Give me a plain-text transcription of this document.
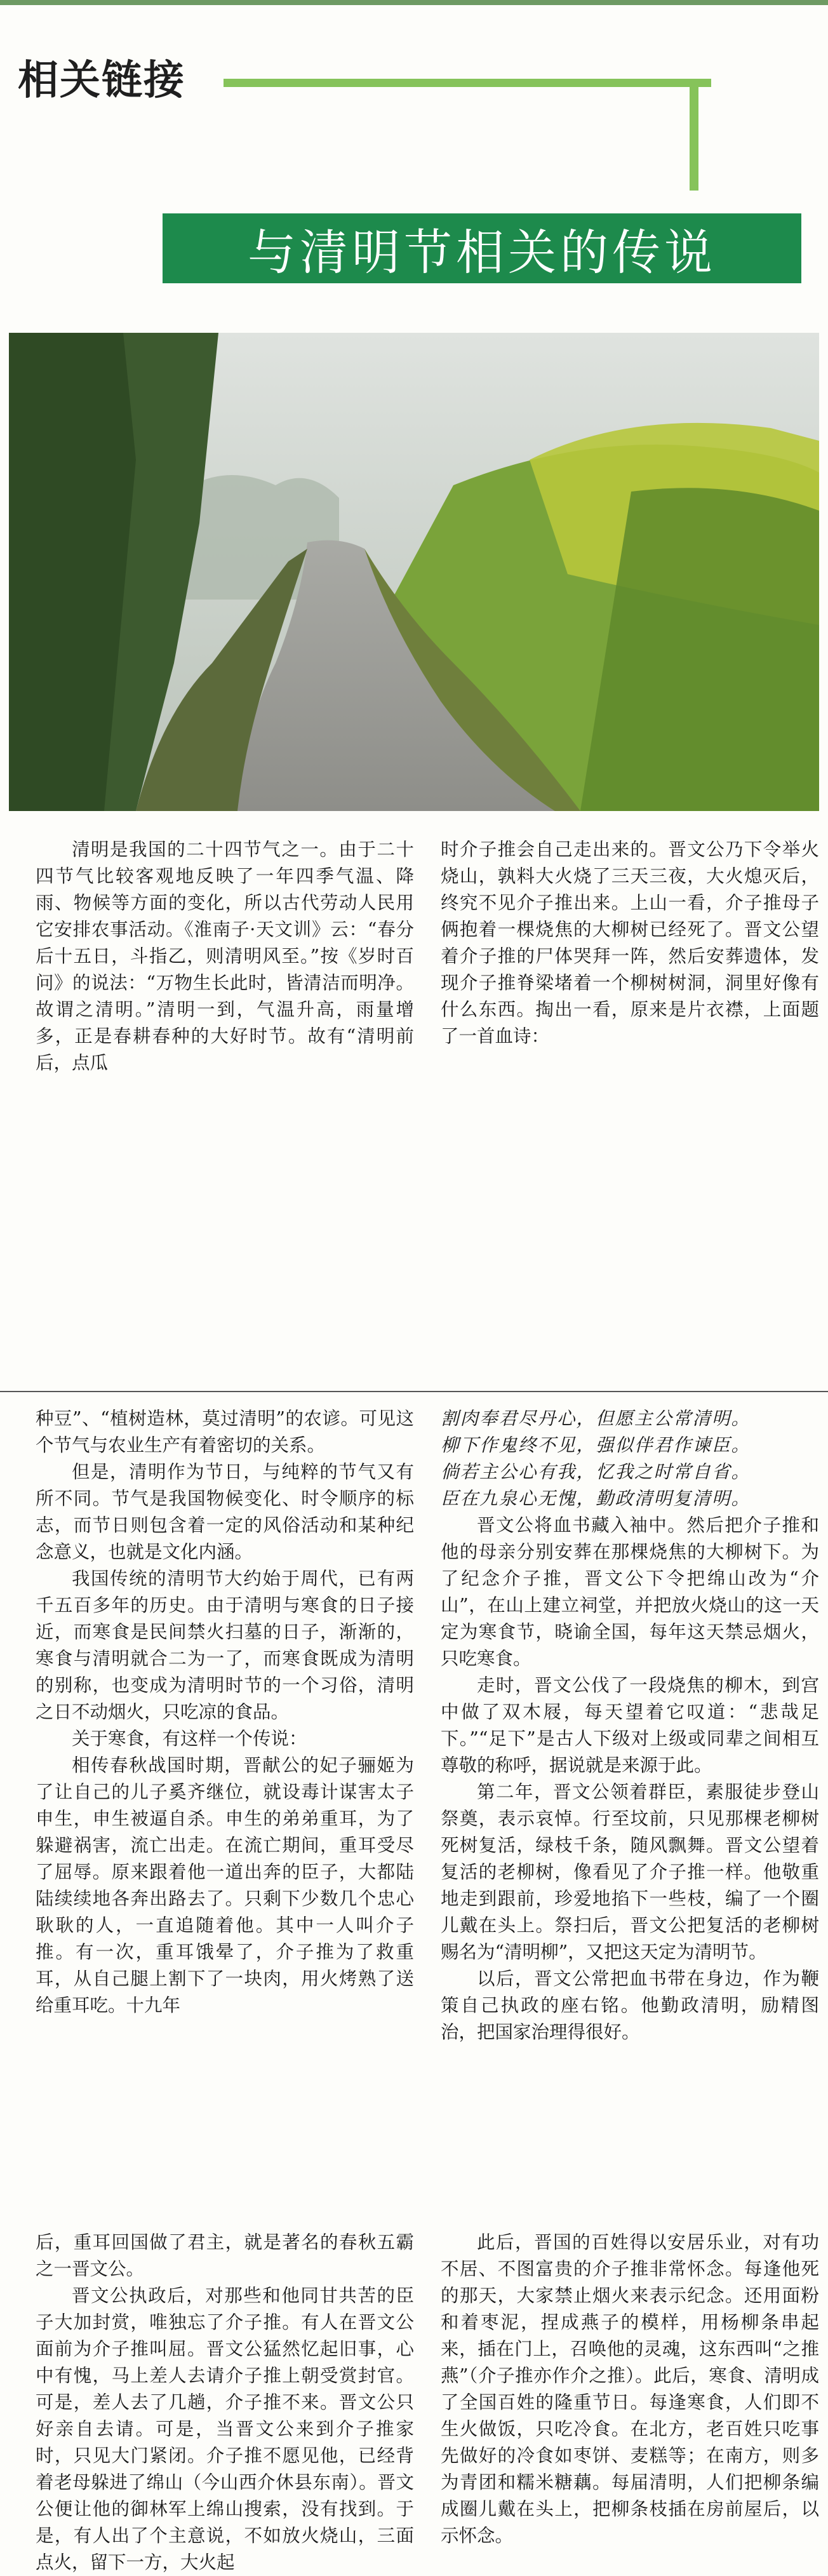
相关链接
与清明节相关的传说

清明是我国的二十四节气之一。由于二十四节气比较客观地反映了一年四季气温、降雨、物候等方面的变化，所以古代劳动人民用它安排农事活动。《淮南子·天文训》云：“春分后十五日，斗指乙，则清明风至。”按《岁时百问》的说法：“万物生长此时，皆清洁而明净。故谓之清明。”清明一到，气温升高，雨量增多，正是春耕春种的大好时节。故有“清明前后，点瓜

时介子推会自己走出来的。晋文公乃下令举火烧山，孰料大火烧了三天三夜，大火熄灭后，终究不见介子推出来。上山一看，介子推母子俩抱着一棵烧焦的大柳树已经死了。晋文公望着介子推的尸体哭拜一阵，然后安葬遗体，发现介子推脊梁堵着一个柳树树洞，洞里好像有什么东西。掏出一看，原来是片衣襟，上面题了一首血诗：

种豆”、“植树造林，莫过清明”的农谚。可见这个节气与农业生产有着密切的关系。

但是，清明作为节日，与纯粹的节气又有所不同。节气是我国物候变化、时令顺序的标志，而节日则包含着一定的风俗活动和某种纪念意义，也就是文化内涵。

我国传统的清明节大约始于周代，已有两千五百多年的历史。由于清明与寒食的日子接近，而寒食是民间禁火扫墓的日子，渐渐的，寒食与清明就合二为一了，而寒食既成为清明的别称，也变成为清明时节的一个习俗，清明之日不动烟火，只吃凉的食品。

关于寒食，有这样一个传说：

相传春秋战国时期，晋献公的妃子骊姬为了让自己的儿子奚齐继位，就设毒计谋害太子申生，申生被逼自杀。申生的弟弟重耳，为了躲避祸害，流亡出走。在流亡期间，重耳受尽了屈辱。原来跟着他一道出奔的臣子，大都陆陆续续地各奔出路去了。只剩下少数几个忠心耿耿的人，一直追随着他。其中一人叫介子推。有一次，重耳饿晕了，介子推为了救重耳，从自己腿上割下了一块肉，用火烤熟了送给重耳吃。十九年

割肉奉君尽丹心，但愿主公常清明。

柳下作鬼终不见，强似伴君作谏臣。

倘若主公心有我，忆我之时常自省。

臣在九泉心无愧，勤政清明复清明。

晋文公将血书藏入袖中。然后把介子推和他的母亲分别安葬在那棵烧焦的大柳树下。为了纪念介子推，晋文公下令把绵山改为“介山”，在山上建立祠堂，并把放火烧山的这一天定为寒食节，晓谕全国，每年这天禁忌烟火，只吃寒食。

走时，晋文公伐了一段烧焦的柳木，到宫中做了双木屐，每天望着它叹道：“悲哉足下。”“足下”是古人下级对上级或同辈之间相互尊敬的称呼，据说就是来源于此。

第二年，晋文公领着群臣，素服徒步登山祭奠，表示哀悼。行至坟前，只见那棵老柳树死树复活，绿枝千条，随风飘舞。晋文公望着复活的老柳树，像看见了介子推一样。他敬重地走到跟前，珍爱地掐下一些枝，编了一个圈儿戴在头上。祭扫后，晋文公把复活的老柳树赐名为“清明柳”，又把这天定为清明节。

以后，晋文公常把血书带在身边，作为鞭策自己执政的座右铭。他勤政清明，励精图治，把国家治理得很好。

后，重耳回国做了君主，就是著名的春秋五霸之一晋文公。

晋文公执政后，对那些和他同甘共苦的臣子大加封赏，唯独忘了介子推。有人在晋文公面前为介子推叫屈。晋文公猛然忆起旧事，心中有愧，马上差人去请介子推上朝受赏封官。可是，差人去了几趟，介子推不来。晋文公只好亲自去请。可是，当晋文公来到介子推家时，只见大门紧闭。介子推不愿见他，已经背着老母躲进了绵山（今山西介休县东南）。晋文公便让他的御林军上绵山搜索，没有找到。于是，有人出了个主意说，不如放火烧山，三面点火，留下一方，大火起

此后，晋国的百姓得以安居乐业，对有功不居、不图富贵的介子推非常怀念。每逢他死的那天，大家禁止烟火来表示纪念。还用面粉和着枣泥，捏成燕子的模样，用杨柳条串起来，插在门上，召唤他的灵魂，这东西叫“之推燕”（介子推亦作介之推）。此后，寒食、清明成了全国百姓的隆重节日。每逢寒食，人们即不生火做饭，只吃冷食。在北方，老百姓只吃事先做好的冷食如枣饼、麦糕等；在南方，则多为青团和糯米糖藕。每届清明，人们把柳条编成圈儿戴在头上，把柳条枝插在房前屋后，以示怀念。
